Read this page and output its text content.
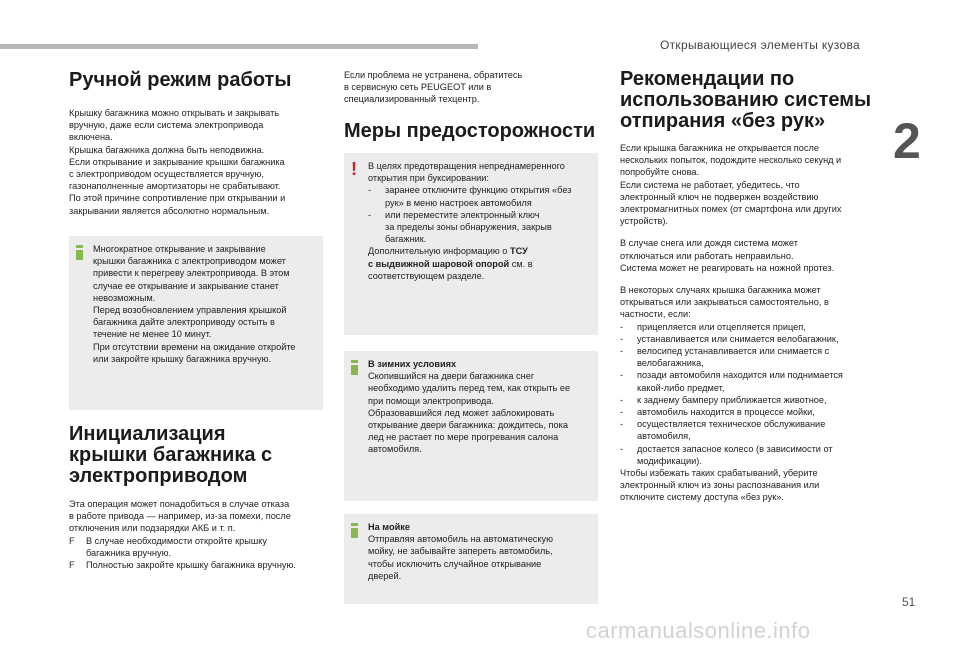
Открывающиеся элементы кузова
2
51
carmanualsonline.info
Ручной режим работы
Крышку багажника можно открывать и закрывать
вручную, даже если система электропривода
включена.
Крышка багажника должна быть неподвижна.
Если открывание и закрывание крышки багажника
с электроприводом осуществляется вручную,
газонаполненные амортизаторы не срабатывают.
По этой причине сопротивление при открывании и
закрывании является абсолютно нормальным.
Многократное открывание и закрывание
крышки багажника с электроприводом может
привести к перегреву электропривода. В этом
случае ее открывание и закрывание станет
невозможным.
Перед возобновлением управления крышкой
багажника дайте электроприводу остыть в
течение не менее 10 минут.
При отсутствии времени на ожидание откройте
или закройте крышку багажника вручную.
Инициализация
крышки багажника с
электроприводом
Эта операция может понадобиться в случае отказа
в работе привода — например, из-за помехи, после
отключения или подзарядки АКБ и т. п.
F В случае необходимости откройте крышку
багажника вручную.
F Полностью закройте крышку багажника вручную.
Если проблема не устранена, обратитесь
в сервисную сеть PEUGEOT или в
специализированный техцентр.
Меры предосторожности
! В целях предотвращения непреднамеренного
открытия при буксировании:
- заранее отключите функцию открытия «без
рук» в меню настроек автомобиля
- или переместите электронный ключ
за пределы зоны обнаружения, закрыв
багажник.
Дополнительную информацию о ТСУ
с выдвижной шаровой опорой см. в
соответствующем разделе.
В зимних условиях
Скопившийся на двери багажника снег
необходимо удалить перед тем, как открыть ее
при помощи электропривода.
Образовавшийся лед может заблокировать
открывание двери багажника: дождитесь, пока
лед не растает по мере прогревания салона
автомобиля.
На мойке
Отправляя автомобиль на автоматическую
мойку, не забывайте запереть автомобиль,
чтобы исключить случайное открывание
дверей.
Рекомендации по
использованию системы
отпирания «без рук»
Если крышка багажника не открывается после
нескольких попыток, подождите несколько секунд и
попробуйте снова.
Если система не работает, убедитесь, что
электронный ключ не подвержен воздействию
электромагнитных помех (от смартфона или других
устройств).
В случае снега или дождя система может
отключаться или работать неправильно.
Система может не реагировать на ножной протез.
В некоторых случаях крышка багажника может
открываться или закрываться самостоятельно, в
частности, если:
- прицепляется или отцепляется прицеп,
- устанавливается или снимается велобагажник,
- велосипед устанавливается или снимается с
велобагажника,
- позади автомобиля находится или поднимается
какой-либо предмет,
- к заднему бамперу приближается животное,
- автомобиль находится в процессе мойки,
- осуществляется техническое обслуживание
автомобиля,
- достается запасное колесо (в зависимости от
модификации).
Чтобы избежать таких срабатываний, уберите
электронный ключ из зоны распознавания или
отключите систему доступа «без рук».
